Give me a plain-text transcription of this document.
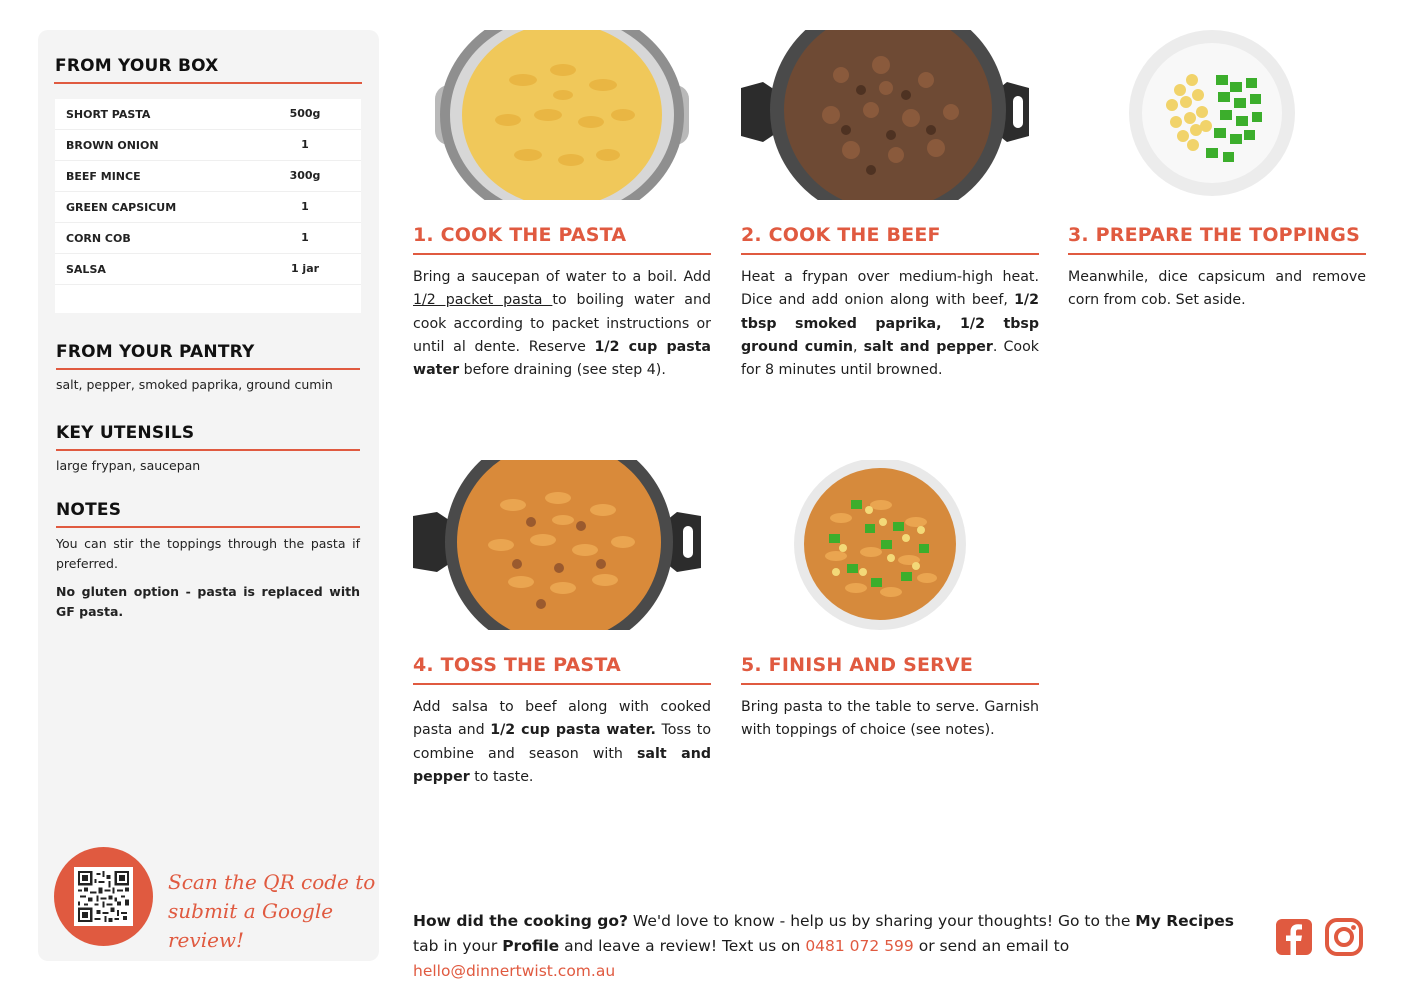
FROM YOUR BOX
SHORT PASTA	500g
BROWN ONION	1
BEEF MINCE	300g
GREEN CAPSICUM	1
CORN COB	1
SALSA	1 jar
FROM YOUR PANTRY
salt, pepper, smoked paprika, ground cumin
KEY UTENSILS
large frypan, saucepan
NOTES
You can stir the toppings through the pasta if preferred.
No gluten option - pasta is replaced with GF pasta.
Scan the QR code to
submit a Google review!
1. COOK THE PASTA
Bring a saucepan of water to a boil. Add 1/2 packet pasta to boiling water and cook according to packet instructions or until al dente. Reserve 1/2 cup pasta water before draining (see step 4).
2. COOK THE BEEF
Heat a frypan over medium-high heat. Dice and add onion along with beef, 1/2 tbsp smoked paprika, 1/2 tbsp ground cumin, salt and pepper. Cook for 8 minutes until browned.
3. PREPARE THE TOPPINGS
Meanwhile, dice capsicum and remove corn from cob. Set aside.
4. TOSS THE PASTA
Add salsa to beef along with cooked pasta and 1/2 cup pasta water. Toss to combine and season with salt and pepper to taste.
5. FINISH AND SERVE
Bring pasta to the table to serve. Garnish with toppings of choice (see notes).
How did the cooking go? We'd love to know - help us by sharing your thoughts! Go to the My Recipes tab in your Profile and leave a review! Text us on 0481 072 599 or send an email to hello@dinnertwist.com.au
